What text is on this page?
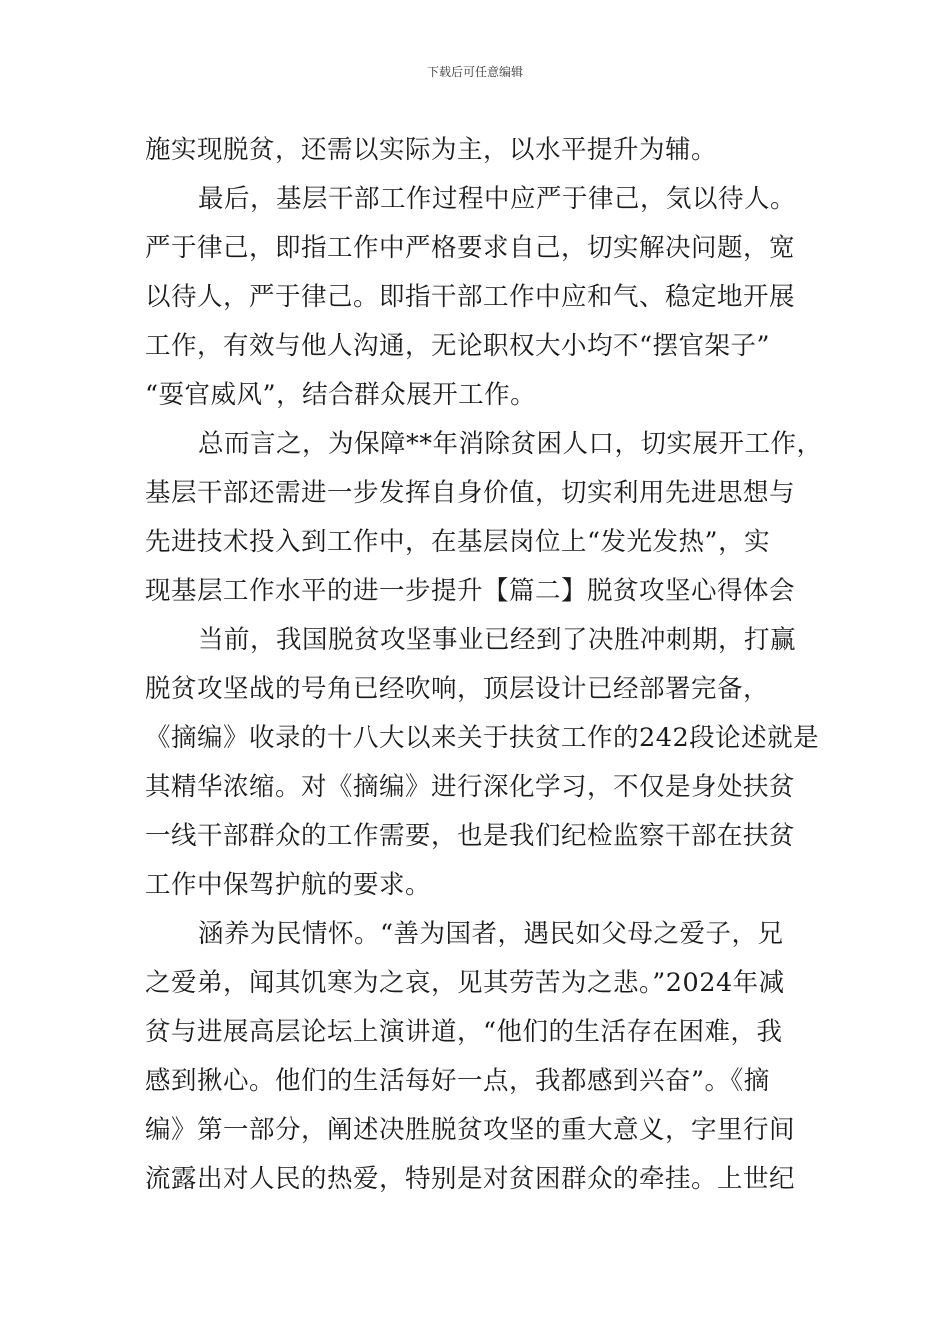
下载后可任意编辑
施实现脱贫，还需以实际为主，以水平提升为辅。
最后，基层干部工作过程中应严于律己，気以待人。
严于律己，即指工作中严格要求自己，切实解决问题，宽
以待人，严于律己。即指干部工作中应和气、稳定地开展
工作，有效与他人沟通，无论职权大小均不“摆官架子”
“耍官威风”，结合群众展开工作。
总而言之，为保障**年消除贫困人口，切实展开工作，
基层干部还需进一步发挥自身价值，切实利用先进思想与
先进技术投入到工作中，在基层岗位上“发光发热”，实
现基层工作水平的进一步提升【篇二】脱贫攻坚心得体会
当前，我国脱贫攻坚事业已经到了决胜冲刺期，打赢
脱贫攻坚战的号角已经吹响，顶层设计已经部署完备，
《摘编》收录的十八大以来关于扶贫工作的242段论述就是
其精华浓缩。对《摘编》进行深化学习，不仅是身处扶贫
一线干部群众的工作需要，也是我们纪检监察干部在扶贫
工作中保驾护航的要求。
涵养为民情怀。“善为国者，遇民如父母之爱子，兄
之爱弟，闻其饥寒为之哀，见其劳苦为之悲。”2024年减
贫与进展高层论坛上演讲道，“他们的生活存在困难，我
感到揪心。他们的生活每好一点，我都感到兴奋”。《摘
编》第一部分，阐述决胜脱贫攻坚的重大意义，字里行间
流露出对人民的热爱，特别是对贫困群众的牵挂。上世纪
